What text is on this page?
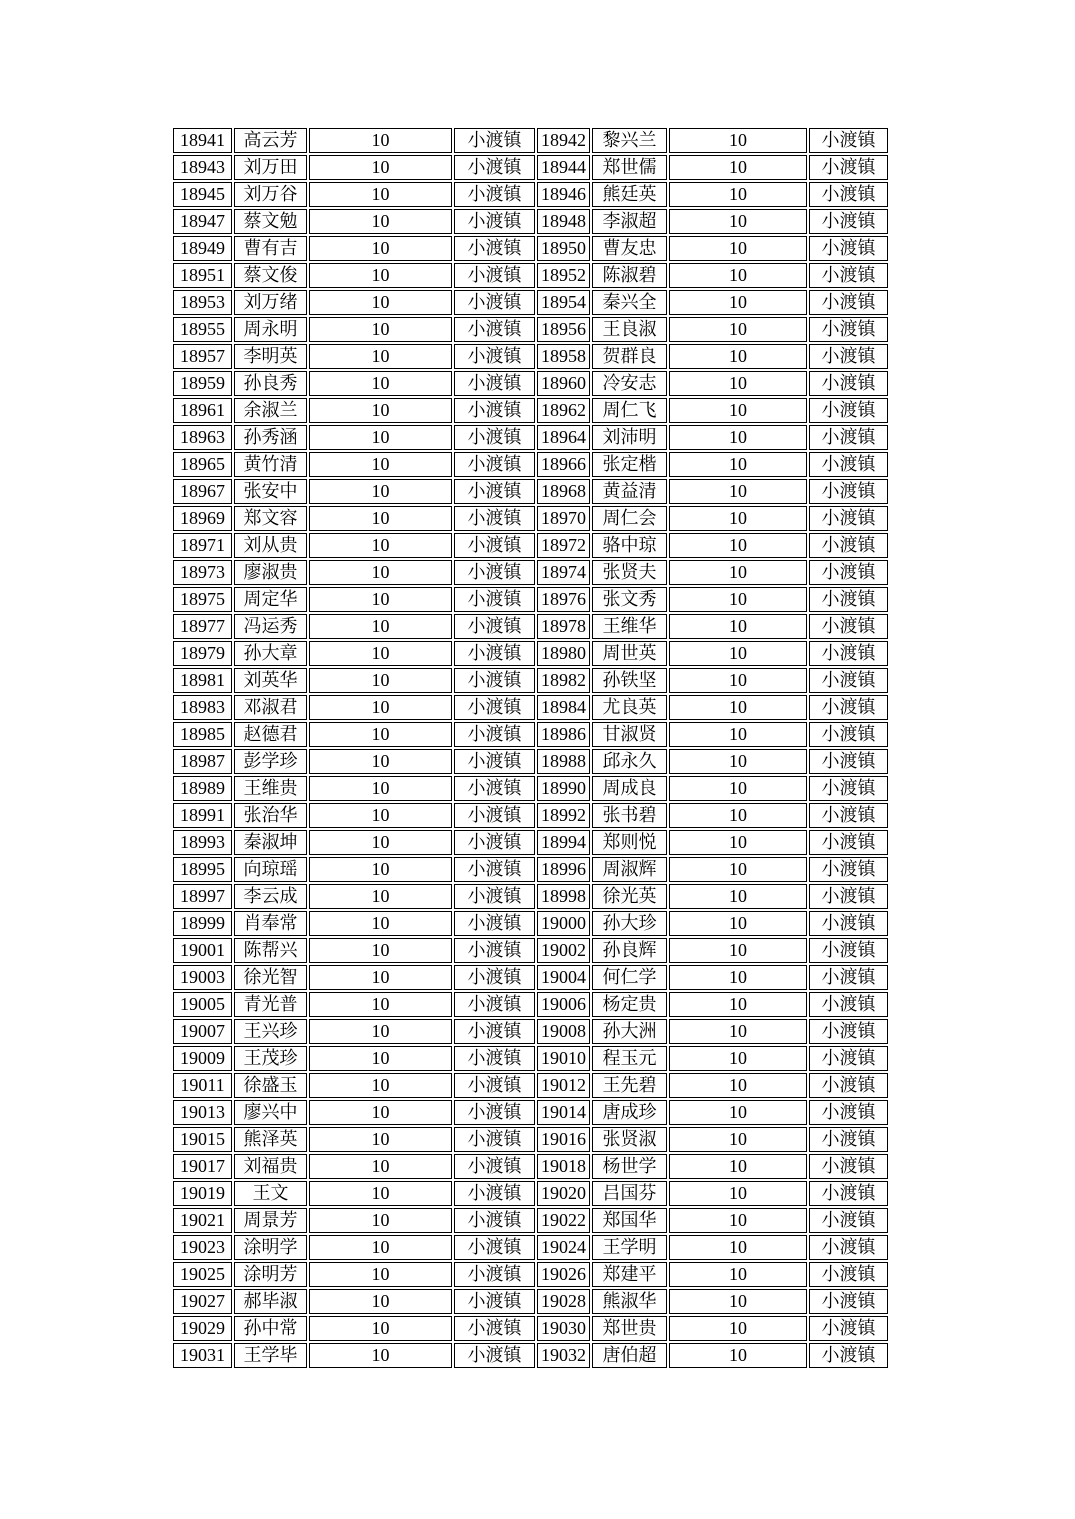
18941	高云芳	10	小渡镇	18942	黎兴兰	10	小渡镇
18943	刘万田	10	小渡镇	18944	郑世儒	10	小渡镇
18945	刘万谷	10	小渡镇	18946	熊廷英	10	小渡镇
18947	蔡文勉	10	小渡镇	18948	李淑超	10	小渡镇
18949	曹有吉	10	小渡镇	18950	曹友忠	10	小渡镇
18951	蔡文俊	10	小渡镇	18952	陈淑碧	10	小渡镇
18953	刘万绪	10	小渡镇	18954	秦兴全	10	小渡镇
18955	周永明	10	小渡镇	18956	王良淑	10	小渡镇
18957	李明英	10	小渡镇	18958	贺群良	10	小渡镇
18959	孙良秀	10	小渡镇	18960	冷安志	10	小渡镇
18961	余淑兰	10	小渡镇	18962	周仁飞	10	小渡镇
18963	孙秀涵	10	小渡镇	18964	刘沛明	10	小渡镇
18965	黄竹清	10	小渡镇	18966	张定楷	10	小渡镇
18967	张安中	10	小渡镇	18968	黄益清	10	小渡镇
18969	郑文容	10	小渡镇	18970	周仁会	10	小渡镇
18971	刘从贵	10	小渡镇	18972	骆中琼	10	小渡镇
18973	廖淑贵	10	小渡镇	18974	张贤夫	10	小渡镇
18975	周定华	10	小渡镇	18976	张文秀	10	小渡镇
18977	冯运秀	10	小渡镇	18978	王维华	10	小渡镇
18979	孙大章	10	小渡镇	18980	周世英	10	小渡镇
18981	刘英华	10	小渡镇	18982	孙铁坚	10	小渡镇
18983	邓淑君	10	小渡镇	18984	尤良英	10	小渡镇
18985	赵德君	10	小渡镇	18986	甘淑贤	10	小渡镇
18987	彭学珍	10	小渡镇	18988	邱永久	10	小渡镇
18989	王维贵	10	小渡镇	18990	周成良	10	小渡镇
18991	张治华	10	小渡镇	18992	张书碧	10	小渡镇
18993	秦淑坤	10	小渡镇	18994	郑则悦	10	小渡镇
18995	向琼瑶	10	小渡镇	18996	周淑辉	10	小渡镇
18997	李云成	10	小渡镇	18998	徐光英	10	小渡镇
18999	肖奉常	10	小渡镇	19000	孙大珍	10	小渡镇
19001	陈帮兴	10	小渡镇	19002	孙良辉	10	小渡镇
19003	徐光智	10	小渡镇	19004	何仁学	10	小渡镇
19005	青光普	10	小渡镇	19006	杨定贵	10	小渡镇
19007	王兴珍	10	小渡镇	19008	孙大洲	10	小渡镇
19009	王茂珍	10	小渡镇	19010	程玉元	10	小渡镇
19011	徐盛玉	10	小渡镇	19012	王先碧	10	小渡镇
19013	廖兴中	10	小渡镇	19014	唐成珍	10	小渡镇
19015	熊泽英	10	小渡镇	19016	张贤淑	10	小渡镇
19017	刘福贵	10	小渡镇	19018	杨世学	10	小渡镇
19019	王文	10	小渡镇	19020	吕国芬	10	小渡镇
19021	周景芳	10	小渡镇	19022	郑国华	10	小渡镇
19023	涂明学	10	小渡镇	19024	王学明	10	小渡镇
19025	涂明芳	10	小渡镇	19026	郑建平	10	小渡镇
19027	郝毕淑	10	小渡镇	19028	熊淑华	10	小渡镇
19029	孙中常	10	小渡镇	19030	郑世贵	10	小渡镇
19031	王学毕	10	小渡镇	19032	唐伯超	10	小渡镇
